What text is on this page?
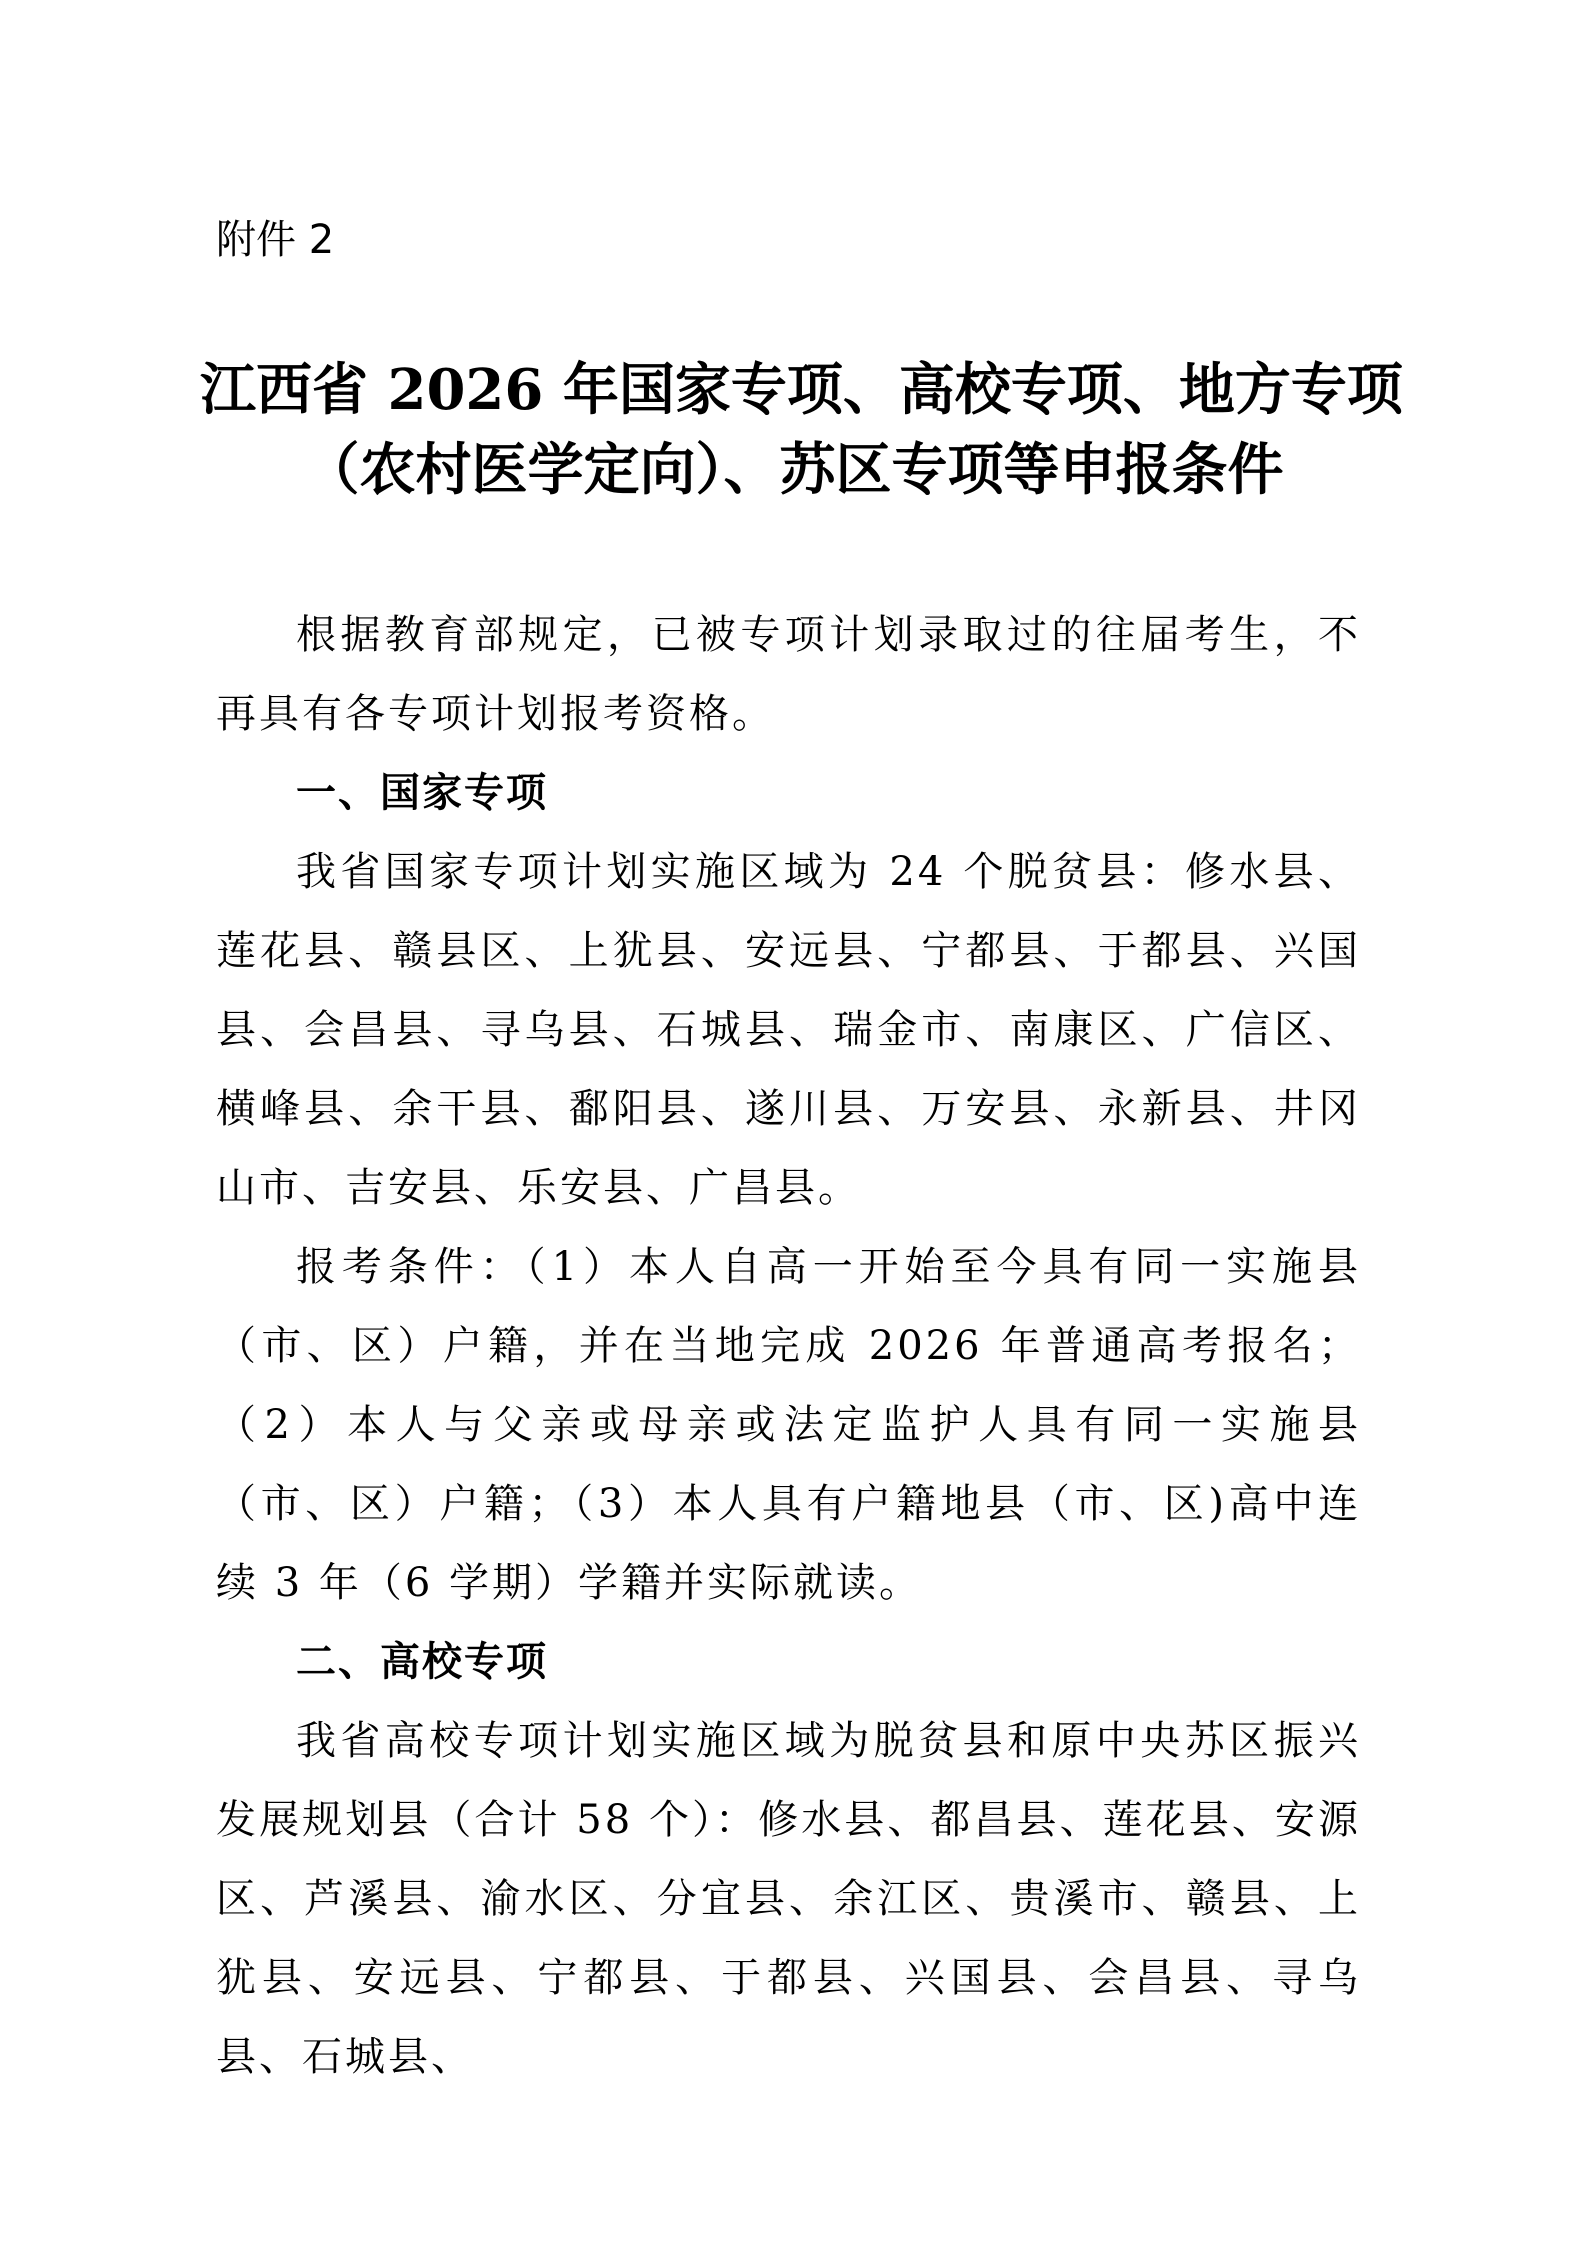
附件 2
江西省 2026 年国家专项、高校专项、地方专项
（农村医学定向）、苏区专项等申报条件

根据教育部规定，已被专项计划录取过的往届考生，不再具有各专项计划报考资格。

一、国家专项

我省国家专项计划实施区域为 24 个脱贫县：修水县、莲花县、赣县区、上犹县、安远县、宁都县、于都县、兴国县、会昌县、寻乌县、石城县、瑞金市、南康区、广信区、横峰县、余干县、鄱阳县、遂川县、万安县、永新县、井冈山市、吉安县、乐安县、广昌县。

报考条件：（1）本人自高一开始至今具有同一实施县（市、区）户籍，并在当地完成 2026 年普通高考报名；（2）本人与父亲或母亲或法定监护人具有同一实施县（市、区）户籍；（3）本人具有户籍地县（市、区)高中连续 3 年（6 学期）学籍并实际就读。

二、高校专项

我省高校专项计划实施区域为脱贫县和原中央苏区振兴发展规划县（合计 58 个）：修水县、都昌县、莲花县、安源区、芦溪县、渝水区、分宜县、余江区、贵溪市、赣县、上犹县、安远县、宁都县、于都县、兴国县、会昌县、寻乌县、石城县、
